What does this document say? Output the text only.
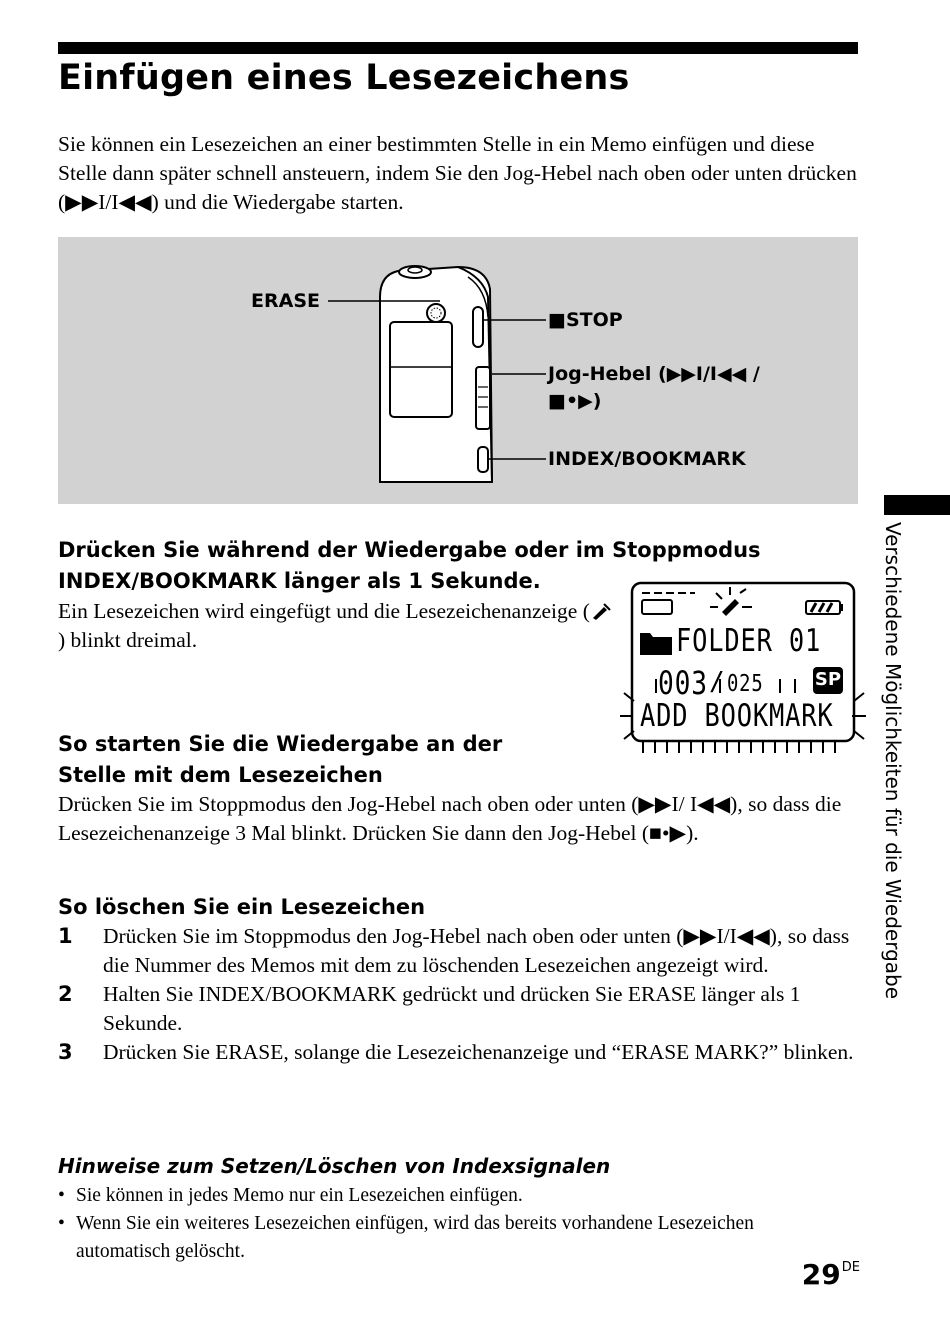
Einfügen eines Lesezeichens

Sie können ein Lesezeichen an einer bestimmten Stelle in ein Memo einfügen und diese Stelle dann später schnell ansteuern, indem Sie den Jog-Hebel nach oben oder unten drücken (▶▶I/I◀◀) und die Wiedergabe starten.

ERASE
■STOP
Jog-Hebel (▶▶I/I◀◀ /
■•▶)
INDEX/BOOKMARK
Drücken Sie während der Wiedergabe oder im Stoppmodus
INDEX/BOOKMARK länger als 1 Sekunde.

Ein Lesezeichen wird eingefügt und die Lesezeichenanzeige () blinkt dreimal.	FOLDER 01
003 / 025	SP
ADD BOOKMARK
So starten Sie die Wiedergabe an der
Stelle mit dem Lesezeichen

Drücken Sie im Stoppmodus den Jog-Hebel nach oben oder unten (▶▶I/ I◀◀), so dass die Lesezeichenanzeige 3 Mal blinkt. Drücken Sie dann den Jog-Hebel (■•▶).

So löschen Sie ein Lesezeichen
1	Drücken Sie im Stoppmodus den Jog-Hebel nach oben oder unten (▶▶I/I◀◀), so dass die Nummer des Memos mit dem zu löschenden Lesezeichen angezeigt wird.
2	Halten Sie INDEX/BOOKMARK gedrückt und drücken Sie ERASE länger als 1 Sekunde.
3	Drücken Sie ERASE, solange die Lesezeichenanzeige und “ERASE MARK?” blinken.
Hinweise zum Setzen/Löschen von Indexsignalen
• Sie können in jedes Memo nur ein Lesezeichen einfügen.
• Wenn Sie ein weiteres Lesezeichen einfügen, wird das bereits vorhandene Lesezeichen automatisch gelöscht.
Verschiedene Möglichkeiten für die Wiedergabe
29DE
